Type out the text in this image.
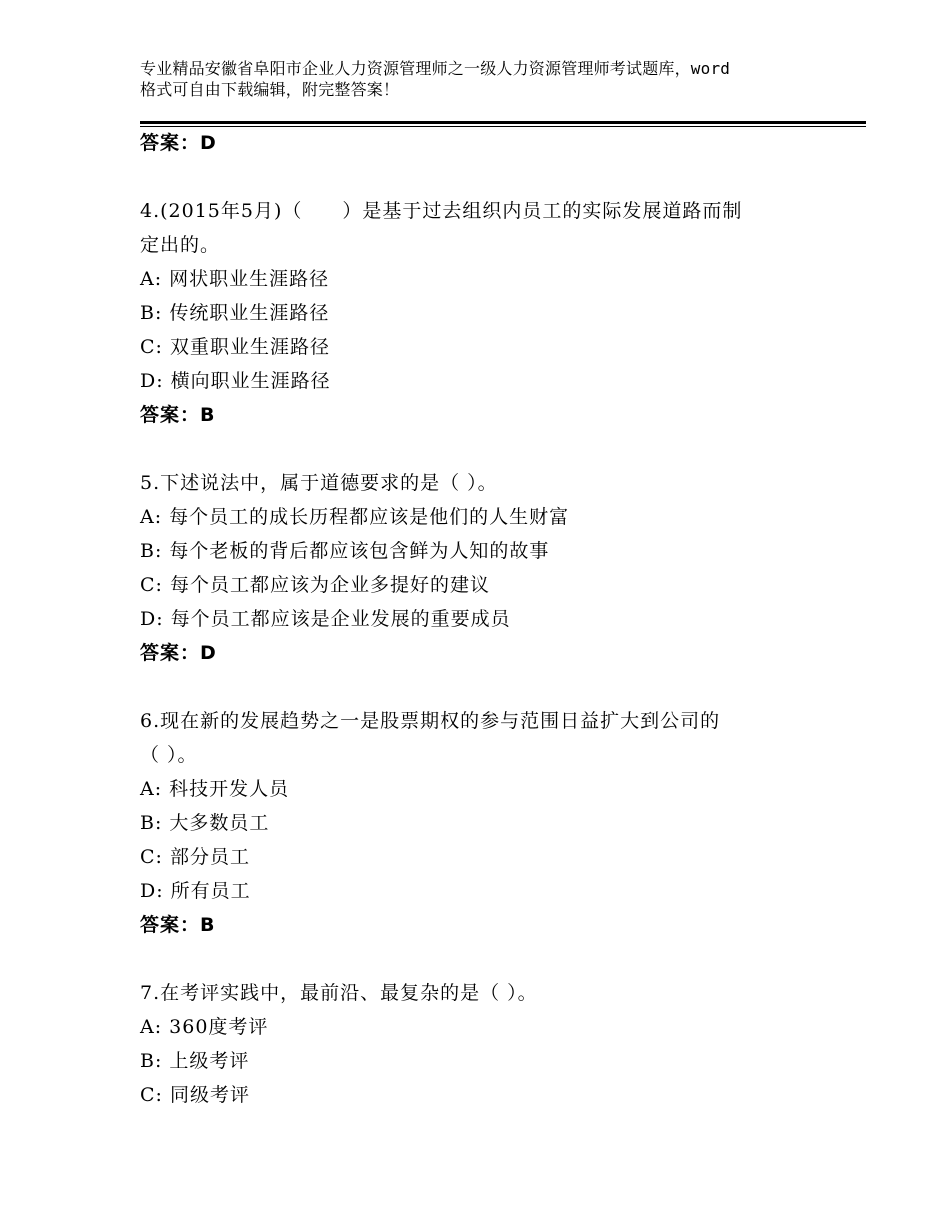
专业精品安徽省阜阳市企业人力资源管理师之一级人力资源管理师考试题库，word
格式可自由下载编辑，附完整答案！
答案：D
4.(2015年5月)（　　）是基于过去组织内员工的实际发展道路而制
定出的。
A: 网状职业生涯路径
B: 传统职业生涯路径
C: 双重职业生涯路径
D: 横向职业生涯路径
答案：B
5.下述说法中，属于道德要求的是（ ）。
A: 每个员工的成长历程都应该是他们的人生财富
B: 每个老板的背后都应该包含鲜为人知的故事
C: 每个员工都应该为企业多提好的建议
D: 每个员工都应该是企业发展的重要成员
答案：D
6.现在新的发展趋势之一是股票期权的参与范围日益扩大到公司的
（ ）。
A: 科技开发人员
B: 大多数员工
C: 部分员工
D: 所有员工
答案：B
7.在考评实践中，最前沿、最复杂的是（ ）。
A: 360度考评
B: 上级考评
C: 同级考评
